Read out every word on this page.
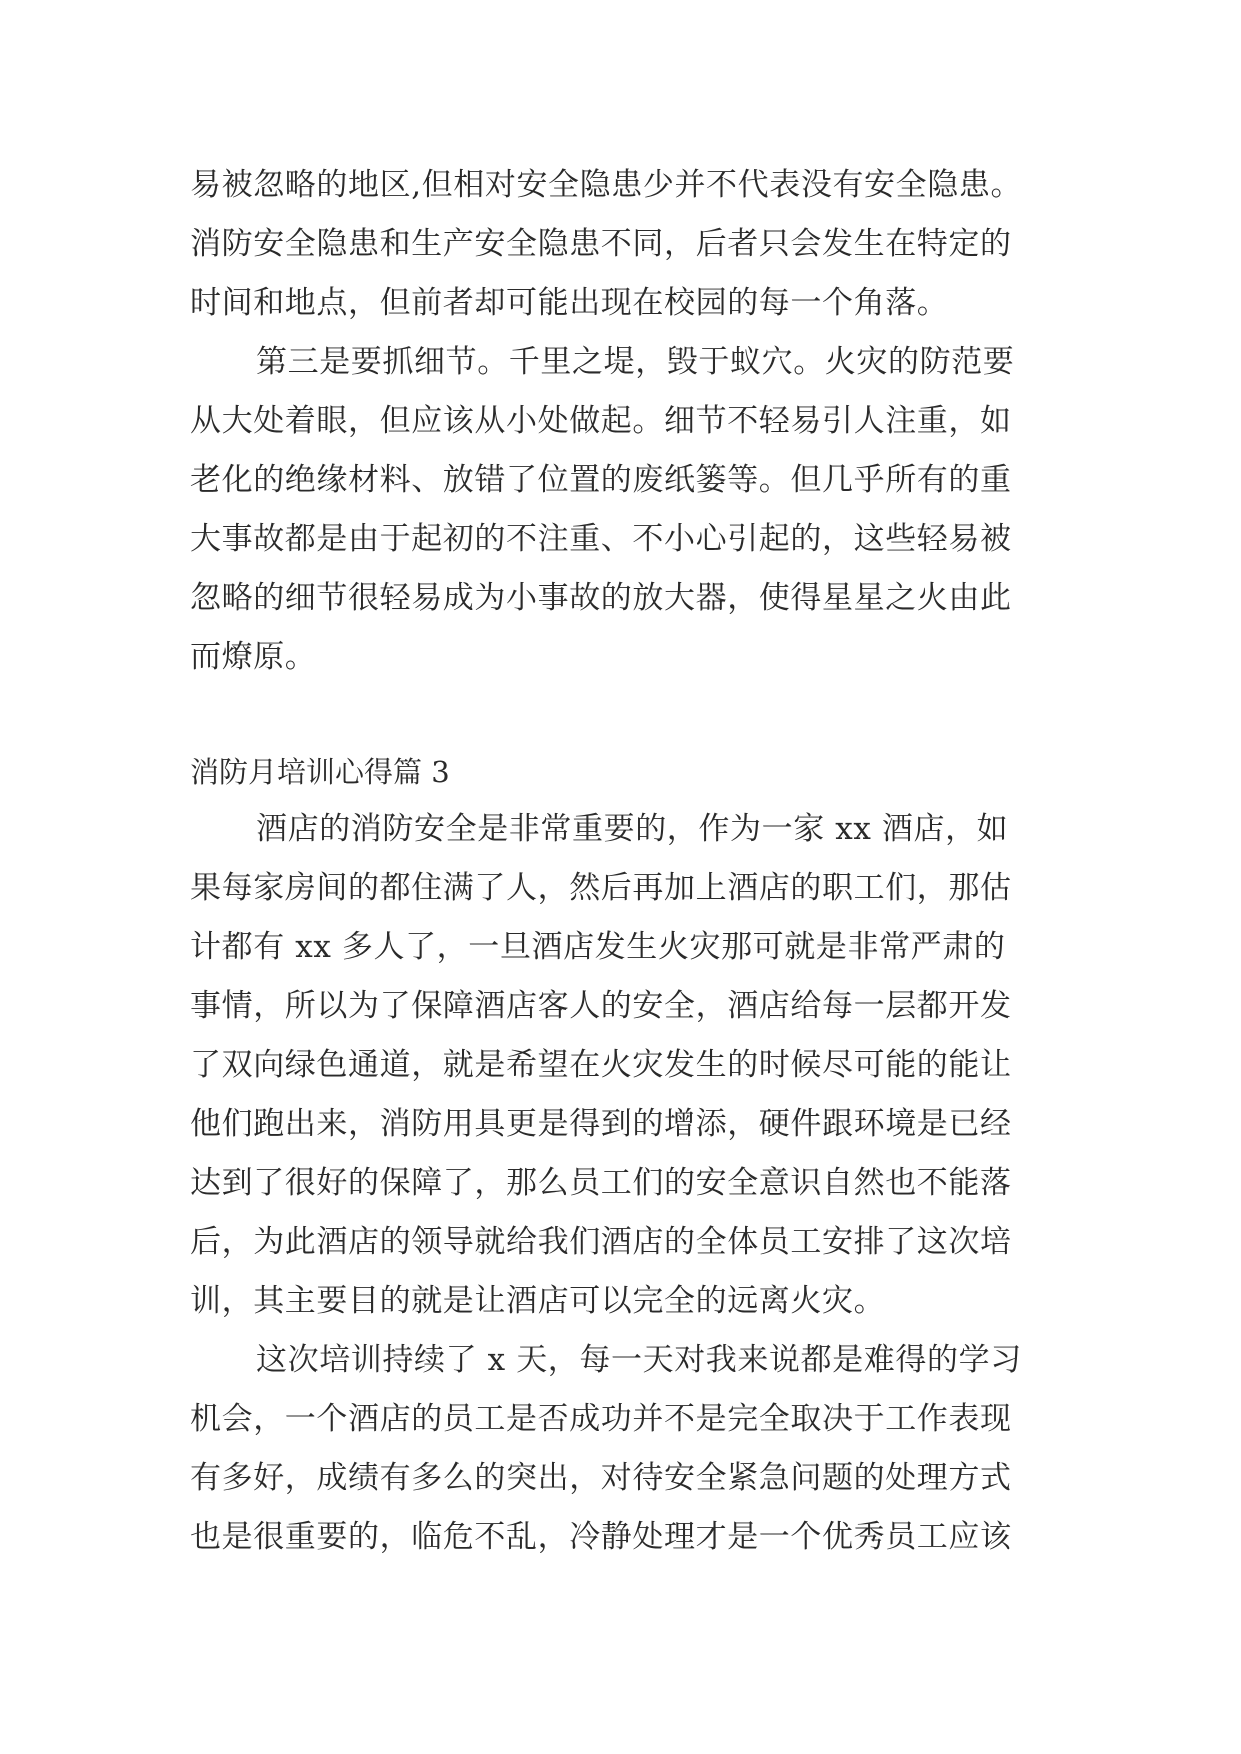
易被忽略的地区,但相对安全隐患少并不代表没有安全隐患。
消防安全隐患和生产安全隐患不同，后者只会发生在特定的
时间和地点，但前者却可能出现在校园的每一个角落。
第三是要抓细节。千里之堤，毁于蚁穴。火灾的防范要
从大处着眼，但应该从小处做起。细节不轻易引人注重，如
老化的绝缘材料、放错了位置的废纸篓等。但几乎所有的重
大事故都是由于起初的不注重、不小心引起的，这些轻易被
忽略的细节很轻易成为小事故的放大器，使得星星之火由此
而燎原。
消防月培训心得篇 3
酒店的消防安全是非常重要的，作为一家 xx 酒店，如
果每家房间的都住满了人，然后再加上酒店的职工们，那估
计都有 xx 多人了，一旦酒店发生火灾那可就是非常严肃的
事情，所以为了保障酒店客人的安全，酒店给每一层都开发
了双向绿色通道，就是希望在火灾发生的时候尽可能的能让
他们跑出来，消防用具更是得到的增添，硬件跟环境是已经
达到了很好的保障了，那么员工们的安全意识自然也不能落
后，为此酒店的领导就给我们酒店的全体员工安排了这次培
训，其主要目的就是让酒店可以完全的远离火灾。
这次培训持续了 x 天，每一天对我来说都是难得的学习
机会，一个酒店的员工是否成功并不是完全取决于工作表现
有多好，成绩有多么的突出，对待安全紧急问题的处理方式
也是很重要的，临危不乱，冷静处理才是一个优秀员工应该
